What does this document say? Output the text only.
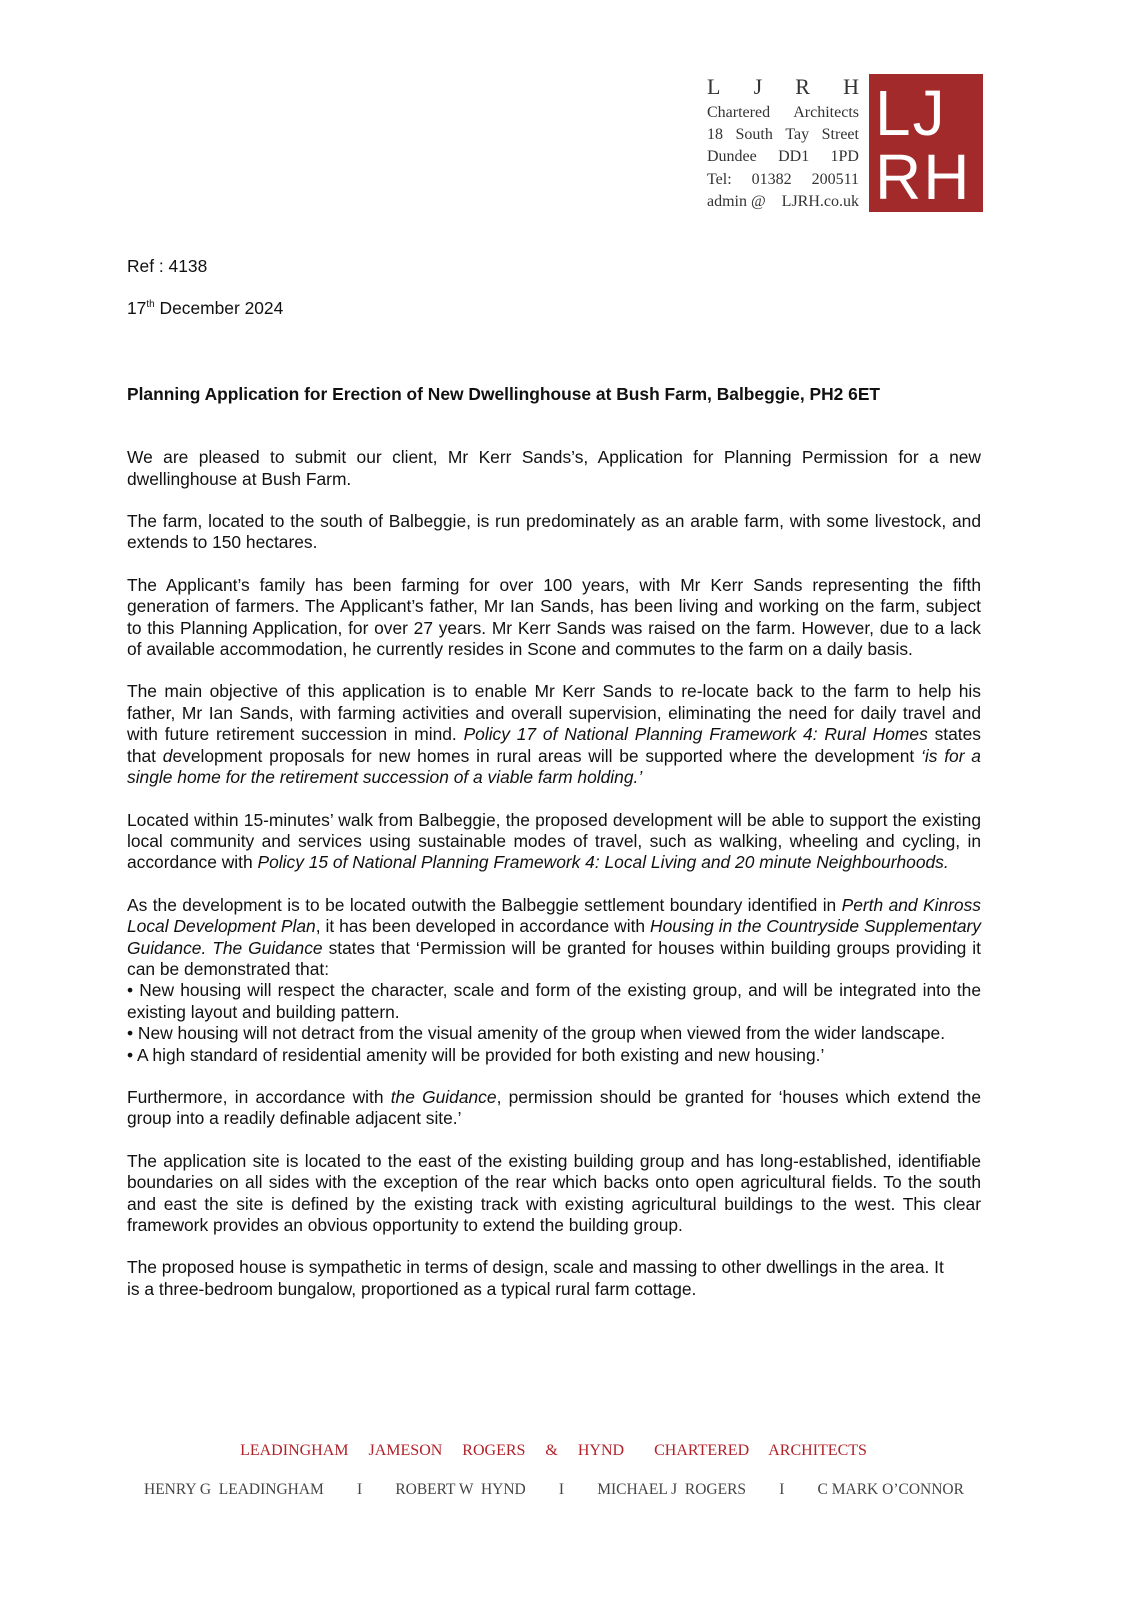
L J R H
Chartered Architects
18 South Tay Street
Dundee DD1 1PD
Tel: 01382 200511
admin @ LJRH.co.uk
LJ
RH
Ref : 4138
17th December 2024
Planning Application for Erection of New Dwellinghouse at Bush Farm, Balbeggie, PH2 6ET

We are pleased to submit our client, Mr Kerr Sands’s, Application for Planning Permission for a new dwellinghouse at Bush Farm.

The farm, located to the south of Balbeggie, is run predominately as an arable farm, with some livestock, and extends to 150 hectares.

The Applicant’s family has been farming for over 100 years, with Mr Kerr Sands representing the fifth generation of farmers. The Applicant’s father, Mr Ian Sands, has been living and working on the farm, subject to this Planning Application, for over 27 years. Mr Kerr Sands was raised on the farm. However, due to a lack of available accommodation, he currently resides in Scone and commutes to the farm on a daily basis.

The main objective of this application is to enable Mr Kerr Sands to re-locate back to the farm to help his father, Mr Ian Sands, with farming activities and overall supervision, eliminating the need for daily travel and with future retirement succession in mind. Policy 17 of National Planning Framework 4: Rural Homes states that development proposals for new homes in rural areas will be supported where the development ‘is for a single home for the retirement succession of a viable farm holding.’

Located within 15-minutes’ walk from Balbeggie, the proposed development will be able to support the existing local community and services using sustainable modes of travel, such as walking, wheeling and cycling, in accordance with Policy 15 of National Planning Framework 4: Local Living and 20 minute Neighbourhoods.

As the development is to be located outwith the Balbeggie settlement boundary identified in Perth and Kinross Local Development Plan, it has been developed in accordance with Housing in the Countryside Supplementary Guidance. The Guidance states that ‘Permission will be granted for houses within building groups providing it can be demonstrated that:
• New housing will respect the character, scale and form of the existing group, and will be integrated into the existing layout and building pattern.
• New housing will not detract from the visual amenity of the group when viewed from the wider landscape.
• A high standard of residential amenity will be provided for both existing and new housing.’

Furthermore, in accordance with the Guidance, permission should be granted for ‘houses which extend the group into a readily definable adjacent site.’

The application site is located to the east of the existing building group and has long-established, identifiable boundaries on all sides with the exception of the rear which backs onto open agricultural fields. To the south and east the site is defined by the existing track with existing agricultural buildings to the west. This clear framework provides an obvious opportunity to extend the building group.

The proposed house is sympathetic in terms of design, scale and massing to other dwellings in the area. It is a three-bedroom bungalow, proportioned as a typical rural farm cottage.

LEADINGHAM  JAMESON  ROGERS  &  HYND   CHARTERED  ARCHITECTS
HENRY G  LEADINGHAM I ROBERT W  HYND I MICHAEL J  ROGERS I C MARK O’CONNOR
